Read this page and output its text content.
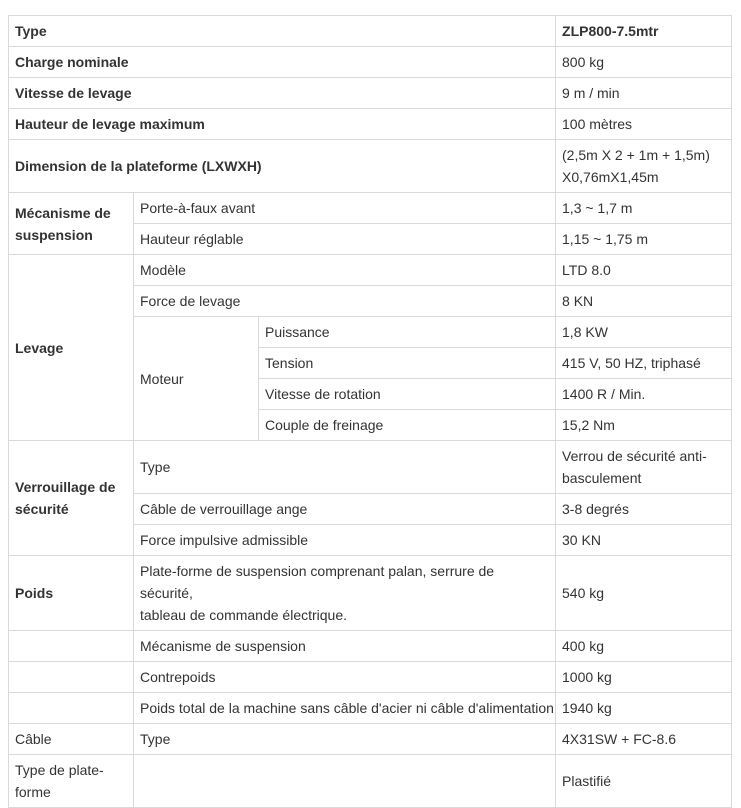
Type			ZLP800-7.5mtr
Charge nominale			800 kg
Vitesse de levage			9 m / min
Hauteur de levage maximum			100 mètres
Dimension de la plateforme (LXWXH)			(2,5m X 2 + 1m + 1,5m)
X0,76mX1,45m
Mécanisme de
suspension	Porte-à-faux avant		1,3 ~ 1,7 m
	Hauteur réglable		1,15 ~ 1,75 m
Levage	Modèle		LTD 8.0
	Force de levage		8 KN
	Moteur	Puissance	1,8 KW
		Tension	415 V, 50 HZ, triphasé
		Vitesse de rotation	1400 R / Min.
		Couple de freinage	15,2 Nm
Verrouillage de
sécurité	Type		Verrou de sécurité anti-
basculement
	Câble de verrouillage ange		3-8 degrés
	Force impulsive admissible		30 KN
Poids	Plate-forme de suspension comprenant palan, serrure de sécurité,
tableau de commande électrique.		540 kg
	Mécanisme de suspension		400 kg
	Contrepoids		1000 kg
	Poids total de la machine sans câble d'acier ni câble d'alimentation		1940 kg
Câble	Type		4X31SW + FC-8.6
Type de plate-
forme			Plastifié
